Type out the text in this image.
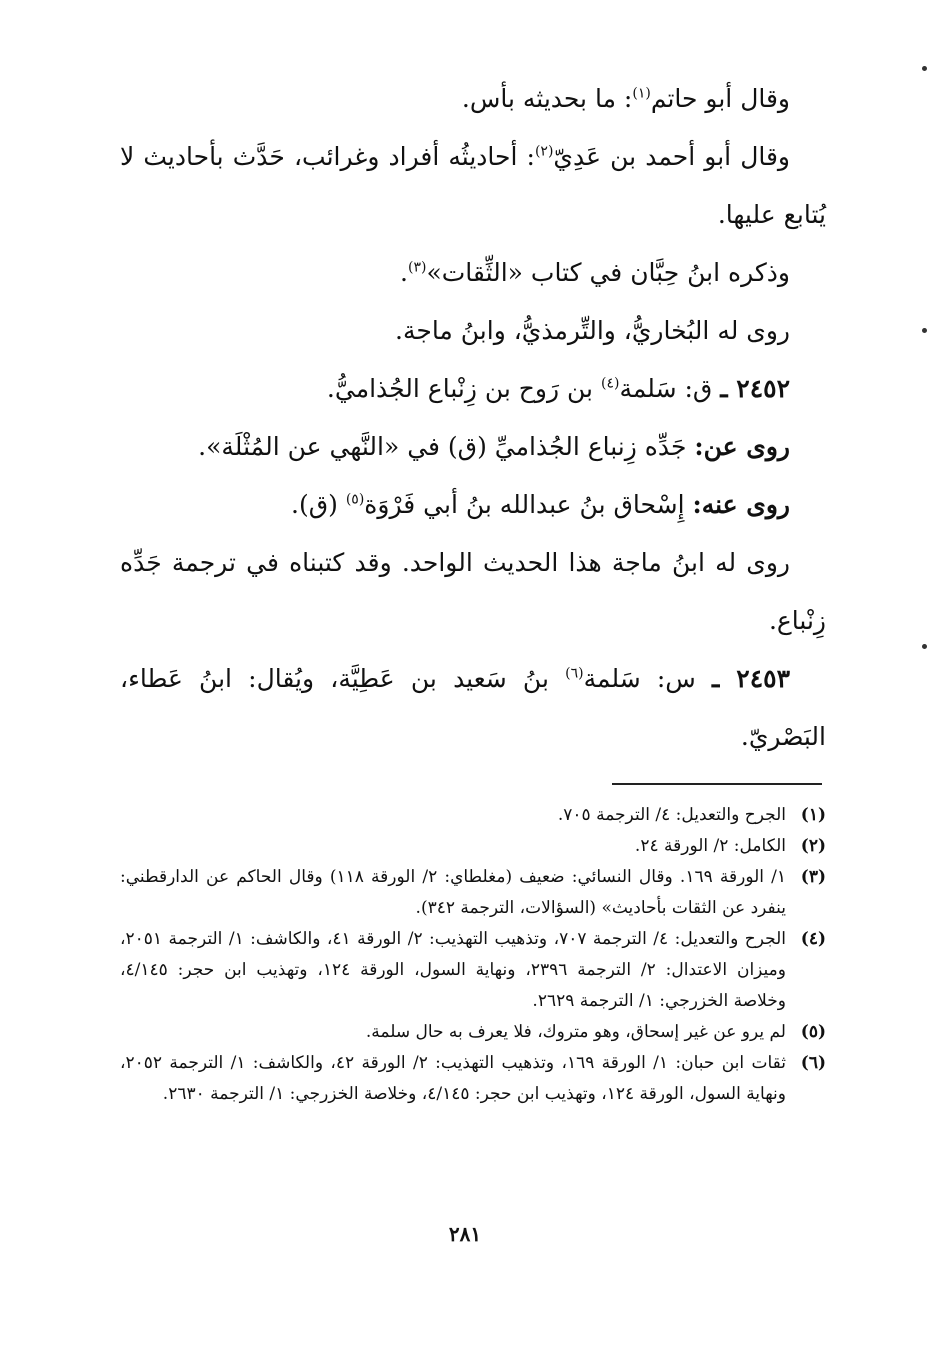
وقال أبو حاتم$^{(١)}$: ما بحديثه بأس.

وقال أبو أحمد بن عَدِيّ$^{(٢)}$: أحاديثُه أفراد وغرائب، حَدَّث بأحاديث لا يُتابع عليها.

وذكره ابنُ حِبَّان في كتاب «الثِّقات»$^{(٣)}$.

روى له البُخاريُّ، والتِّرمذيُّ، وابنُ ماجة.

٢٤٥٢ ـ ق: سَلمة$^{(٤)}$ بن رَوح بن زِنْباع الجُذاميُّ.

روى عن: جَدِّه زِنباع الجُذاميِّ (ق) في «النَّهي عن المُثْلَة».

روى عنه: إِسْحاق بنُ عبدالله بنُ أبي فَرْوَة$^{(٥)}$ (ق).

روى له ابنُ ماجة هذا الحديث الواحد. وقد كتبناه في ترجمة جَدِّه زِنْباع.

٢٤٥٣ ـ س: سَلمة$^{(٦)}$ بنُ سَعيد بن عَطِيَّة، ويُقال: ابنُ عَطاء، البَصْريّ.

(١)
الجرح والتعديل: ٤/ الترجمة ٧٠٥.
(٢)
الكامل: ٢/ الورقة ٢٤.
(٣)
١/ الورقة ١٦٩. وقال النسائي: ضعيف (مغلطاي: ٢/ الورقة ١١٨) وقال الحاكم عن الدارقطني: ينفرد عن الثقات بأحاديث» (السؤالات، الترجمة ٣٤٢).
(٤)
الجرح والتعديل: ٤/ الترجمة ٧٠٧، وتذهيب التهذيب: ٢/ الورقة ٤١، والكاشف: ١/ الترجمة ٢٠٥١، وميزان الاعتدال: ٢/ الترجمة ٢٣٩٦، ونهاية السول، الورقة ١٢٤، وتهذيب ابن حجر: ٤/١٤٥، وخلاصة الخزرجي: ١/ الترجمة ٢٦٢٩.
(٥)
لم يرو عن غير إسحاق، وهو متروك، فلا يعرف به حال سلمة.
(٦)
ثقات ابن حبان: ١/ الورقة ١٦٩، وتذهيب التهذيب: ٢/ الورقة ٤٢، والكاشف: ١/ الترجمة ٢٠٥٢، ونهاية السول، الورقة ١٢٤، وتهذيب ابن حجر: ٤/١٤٥، وخلاصة الخزرجي: ١/ الترجمة ٢٦٣٠.
٢٨١
